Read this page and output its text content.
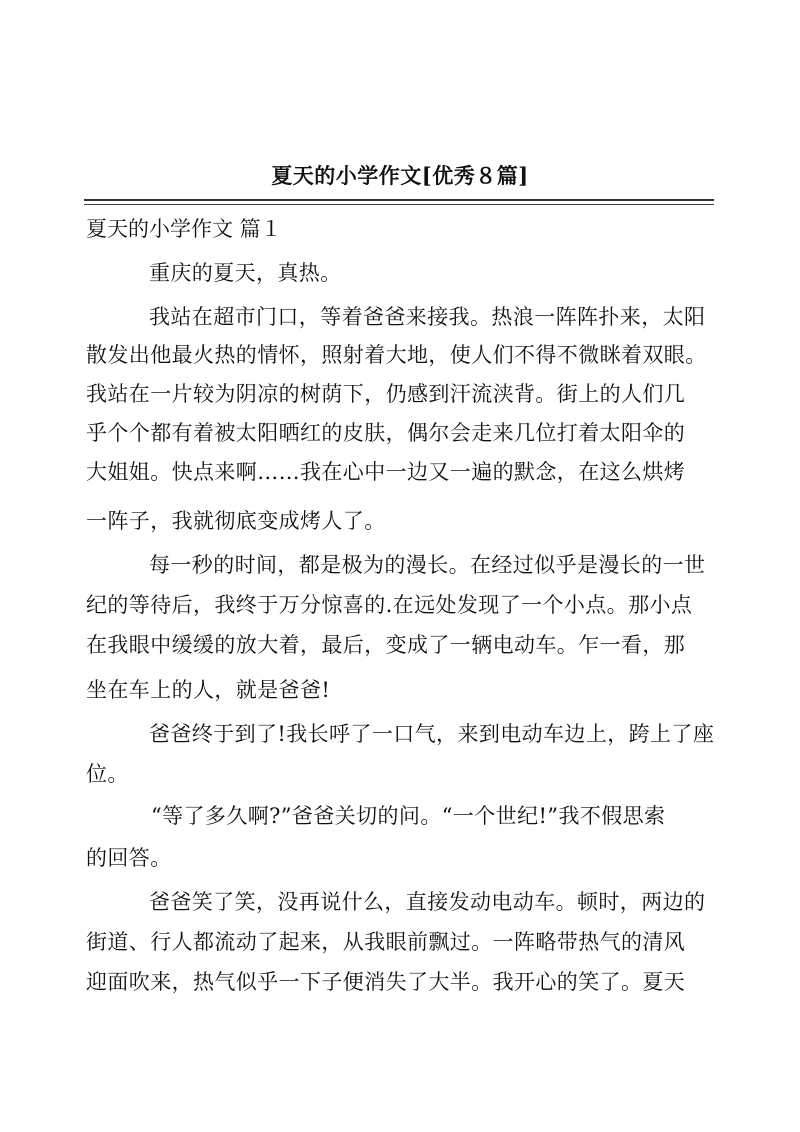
夏天的小学作文[优秀８篇]
夏天的小学作文 篇１
重庆的夏天，真热。
我站在超市门口，等着爸爸来接我。热浪一阵阵扑来，太阳
散发出他最火热的情怀，照射着大地，使人们不得不微眯着双眼。
我站在一片较为阴凉的树荫下，仍感到汗流浃背。街上的人们几
乎个个都有着被太阳晒红的皮肤，偶尔会走来几位打着太阳伞的
大姐姐。快点来啊……我在心中一边又一遍的默念，在这么烘烤
一阵子，我就彻底变成烤人了。
每一秒的时间，都是极为的漫长。在经过似乎是漫长的一世
纪的等待后，我终于万分惊喜的.在远处发现了一个小点。那小点
在我眼中缓缓的放大着，最后，变成了一辆电动车。乍一看，那
坐在车上的人，就是爸爸!
爸爸终于到了!我长呼了一口气，来到电动车边上，跨上了座
位。
“等了多久啊?”爸爸关切的问。“一个世纪!”我不假思索
的回答。
爸爸笑了笑，没再说什么，直接发动电动车。顿时，两边的
街道、行人都流动了起来，从我眼前飘过。一阵略带热气的清风
迎面吹来，热气似乎一下子便消失了大半。我开心的笑了。夏天
